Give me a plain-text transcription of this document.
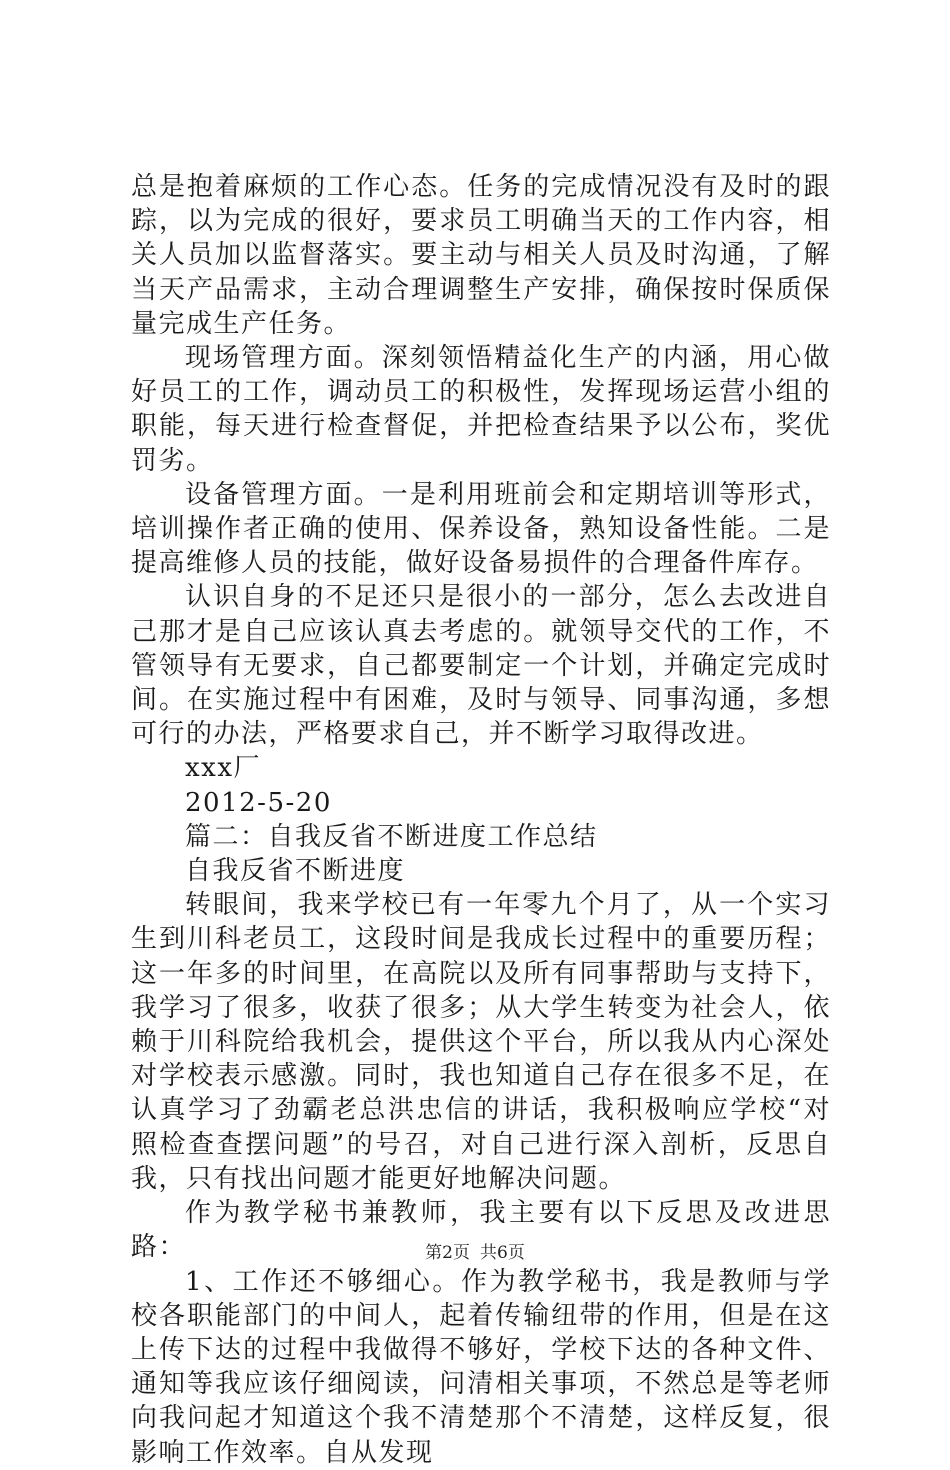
总是抱着麻烦的工作心态。任务的完成情况没有及时的跟踪，以为完成的很好，要求员工明确当天的工作内容，相关人员加以监督落实。要主动与相关人员及时沟通，了解当天产品需求，主动合理调整生产安排，确保按时保质保量完成生产任务。

现场管理方面。深刻领悟精益化生产的内涵，用心做好员工的工作，调动员工的积极性，发挥现场运营小组的职能，每天进行检查督促，并把检查结果予以公布，奖优罚劣。

设备管理方面。一是利用班前会和定期培训等形式，培训操作者正确的使用、保养设备，熟知设备性能。二是提高维修人员的技能，做好设备易损件的合理备件库存。

认识自身的不足还只是很小的一部分，怎么去改进自己那才是自己应该认真去考虑的。就领导交代的工作，不管领导有无要求，自己都要制定一个计划，并确定完成时间。在实施过程中有困难，及时与领导、同事沟通，多想可行的办法，严格要求自己，并不断学习取得改进。

xxx厂

2012-5-20

篇二：自我反省不断进度工作总结

自我反省不断进度

转眼间，我来学校已有一年零九个月了，从一个实习生到川科老员工，这段时间是我成长过程中的重要历程；这一年多的时间里，在高院以及所有同事帮助与支持下，我学习了很多，收获了很多；从大学生转变为社会人，依赖于川科院给我机会，提供这个平台，所以我从内心深处对学校表示感激。同时，我也知道自己存在很多不足，在认真学习了劲霸老总洪忠信的讲话，我积极响应学校“对照检查查摆问题”的号召，对自己进行深入剖析，反思自我，只有找出问题才能更好地解决问题。

作为教学秘书兼教师，我主要有以下反思及改进思路：

1、工作还不够细心。作为教学秘书，我是教师与学校各职能部门的中间人，起着传输纽带的作用，但是在这上传下达的过程中我做得不够好，学校下达的各种文件、通知等我应该仔细阅读，问清相关事项，不然总是等老师向我问起才知道这个我不清楚那个不清楚，这样反复，很影响工作效率。自从发现

第2页 共6页
